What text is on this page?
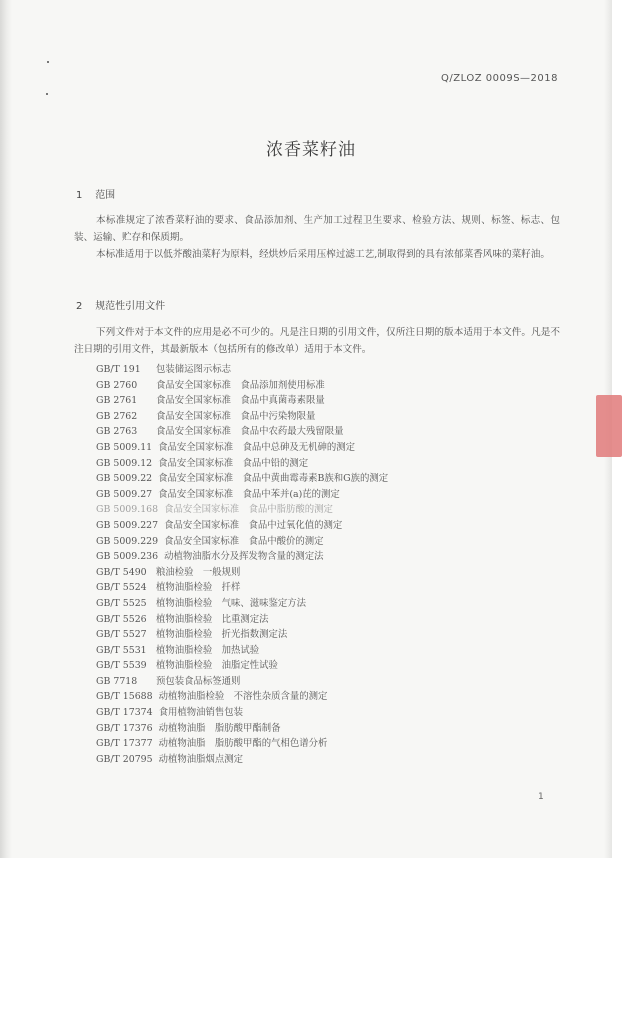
Q/ZLOZ 0009S—2018
浓香菜籽油
1 范围

本标准规定了浓香菜籽油的要求、食品添加剂、生产加工过程卫生要求、检验方法、规则、标签、标志、包装、运输、贮存和保质期。

本标准适用于以低芥酸油菜籽为原料，经烘炒后采用压榨过滤工艺,制取得到的具有浓郁菜香风味的菜籽油。

2 规范性引用文件

下列文件对于本文件的应用是必不可少的。凡是注日期的引用文件，仅所注日期的版本适用于本文件。凡是不注日期的引用文件，其最新版本（包括所有的修改单）适用于本文件。

GB/T 191 包装储运图示标志
GB 2760 食品安全国家标准　食品添加剂使用标准
GB 2761 食品安全国家标准　食品中真菌毒素限量
GB 2762 食品安全国家标准　食品中污染物限量
GB 2763 食品安全国家标准　食品中农药最大残留限量
GB 5009.11 食品安全国家标准　食品中总砷及无机砷的测定
GB 5009.12 食品安全国家标准　食品中铅的测定
GB 5009.22 食品安全国家标准　食品中黄曲霉毒素B族和G族的测定
GB 5009.27 食品安全国家标准　食品中苯并(a)芘的测定
GB 5009.168 食品安全国家标准　食品中脂肪酸的测定
GB 5009.227 食品安全国家标准　食品中过氧化值的测定
GB 5009.229 食品安全国家标准　食品中酸价的测定
GB 5009.236 动植物油脂水分及挥发物含量的测定法
GB/T 5490 粮油检验　一般规则
GB/T 5524 植物油脂检验　扦样
GB/T 5525 植物油脂检验　气味、滋味鉴定方法
GB/T 5526 植物油脂检验　比重测定法
GB/T 5527 植物油脂检验　折光指数测定法
GB/T 5531 植物油脂检验　加热试验
GB/T 5539 植物油脂检验　油脂定性试验
GB 7718 预包装食品标签通则
GB/T 15688 动植物油脂检验　不溶性杂质含量的测定
GB/T 17374 食用植物油销售包装
GB/T 17376 动植物油脂　脂肪酸甲酯制备
GB/T 17377 动植物油脂　脂肪酸甲酯的气相色谱分析
GB/T 20795 动植物油脂烟点测定
1
